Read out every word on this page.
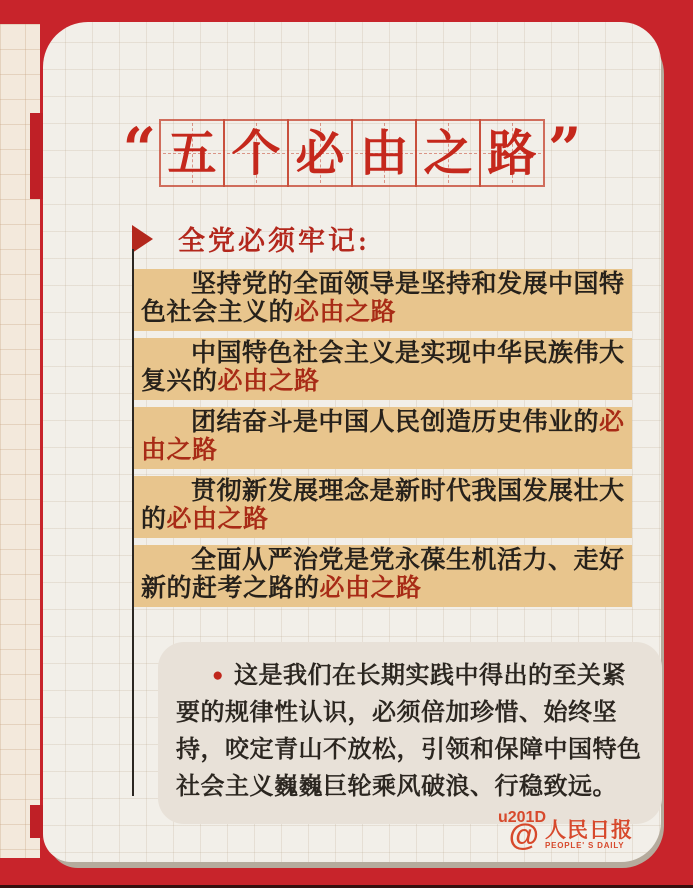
“ 五 个 必 由 之 路 ”
全党必须牢记:
坚持党的全面领导是坚持和发展中国特色社会主义的必由之路
中国特色社会主义是实现中华民族伟大复兴的必由之路
团结奋斗是中国人民创造历史伟业的必由之路
贯彻新发展理念是新时代我国发展壮大的必由之路
全面从严治党是党永葆生机活力、走好新的赶考之路的必由之路

● 这是我们在长期实践中得出的至关紧要的规律性认识，必须倍加珍惜、始终坚持，咬定青山不放松，引领和保障中国特色社会主义巍巍巨轮乘风破浪、行稳致远。

@ u201D 人民日报
PEOPLE' S DAILY
